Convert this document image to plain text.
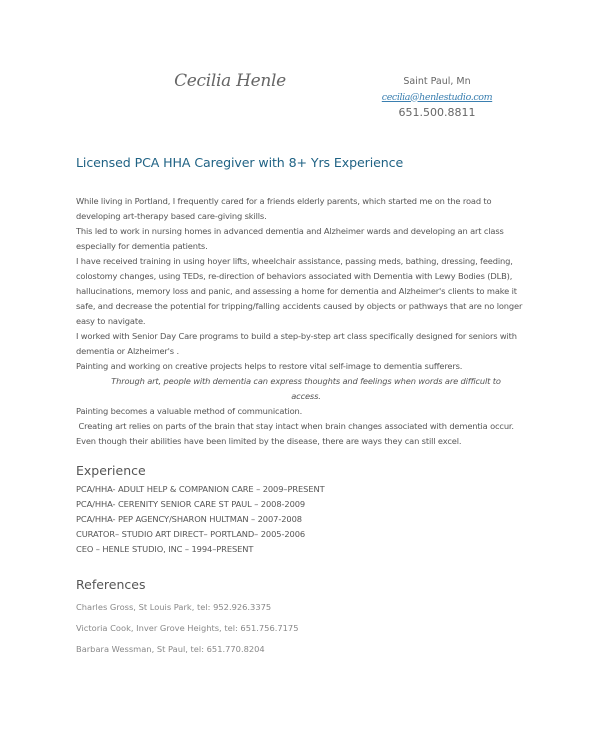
Cecilia Henle	Saint Paul, Mn
cecilia@henlestudio.com
651.500.8811
Licensed PCA HHA Caregiver with 8+ Yrs Experience
While living in Portland, I frequently cared for a friends elderly parents, which started me on the road to
developing art-therapy based care-giving skills.
This led to work in nursing homes in advanced dementia and Alzheimer wards and developing an art class
especially for dementia patients.
I have received training in using hoyer lifts, wheelchair assistance, passing meds, bathing, dressing, feeding,
colostomy changes, using TEDs, re-direction of behaviors associated with Dementia with Lewy Bodies (DLB),
hallucinations, memory loss and panic, and assessing a home for dementia and Alzheimer's clients to make it
safe, and decrease the potential for tripping/falling accidents caused by objects or pathways that are no longer
easy to navigate.
I worked with Senior Day Care programs to build a step-by-step art class specifically designed for seniors with
dementia or Alzheimer's .
Painting and working on creative projects helps to restore vital self-image to dementia sufferers.
Through art, people with dementia can express thoughts and feelings when words are difficult to
access.
Painting becomes a valuable method of communication.
Creating art relies on parts of the brain that stay intact when brain changes associated with dementia occur.
Even though their abilities have been limited by the disease, there are ways they can still excel.
Experience
PCA/HHA- ADULT HELP & COMPANION CARE – 2009–PRESENT
PCA/HHA- CERENITY SENIOR CARE ST PAUL – 2008-2009
PCA/HHA- PEP AGENCY/SHARON HULTMAN – 2007-2008
CURATOR– STUDIO ART DIRECT– PORTLAND– 2005-2006
CEO – HENLE STUDIO, INC – 1994–PRESENT
References
Charles Gross, St Louis Park, tel: 952.926.3375
Victoria Cook, Inver Grove Heights, tel: 651.756.7175
Barbara Wessman, St Paul, tel: 651.770.8204
